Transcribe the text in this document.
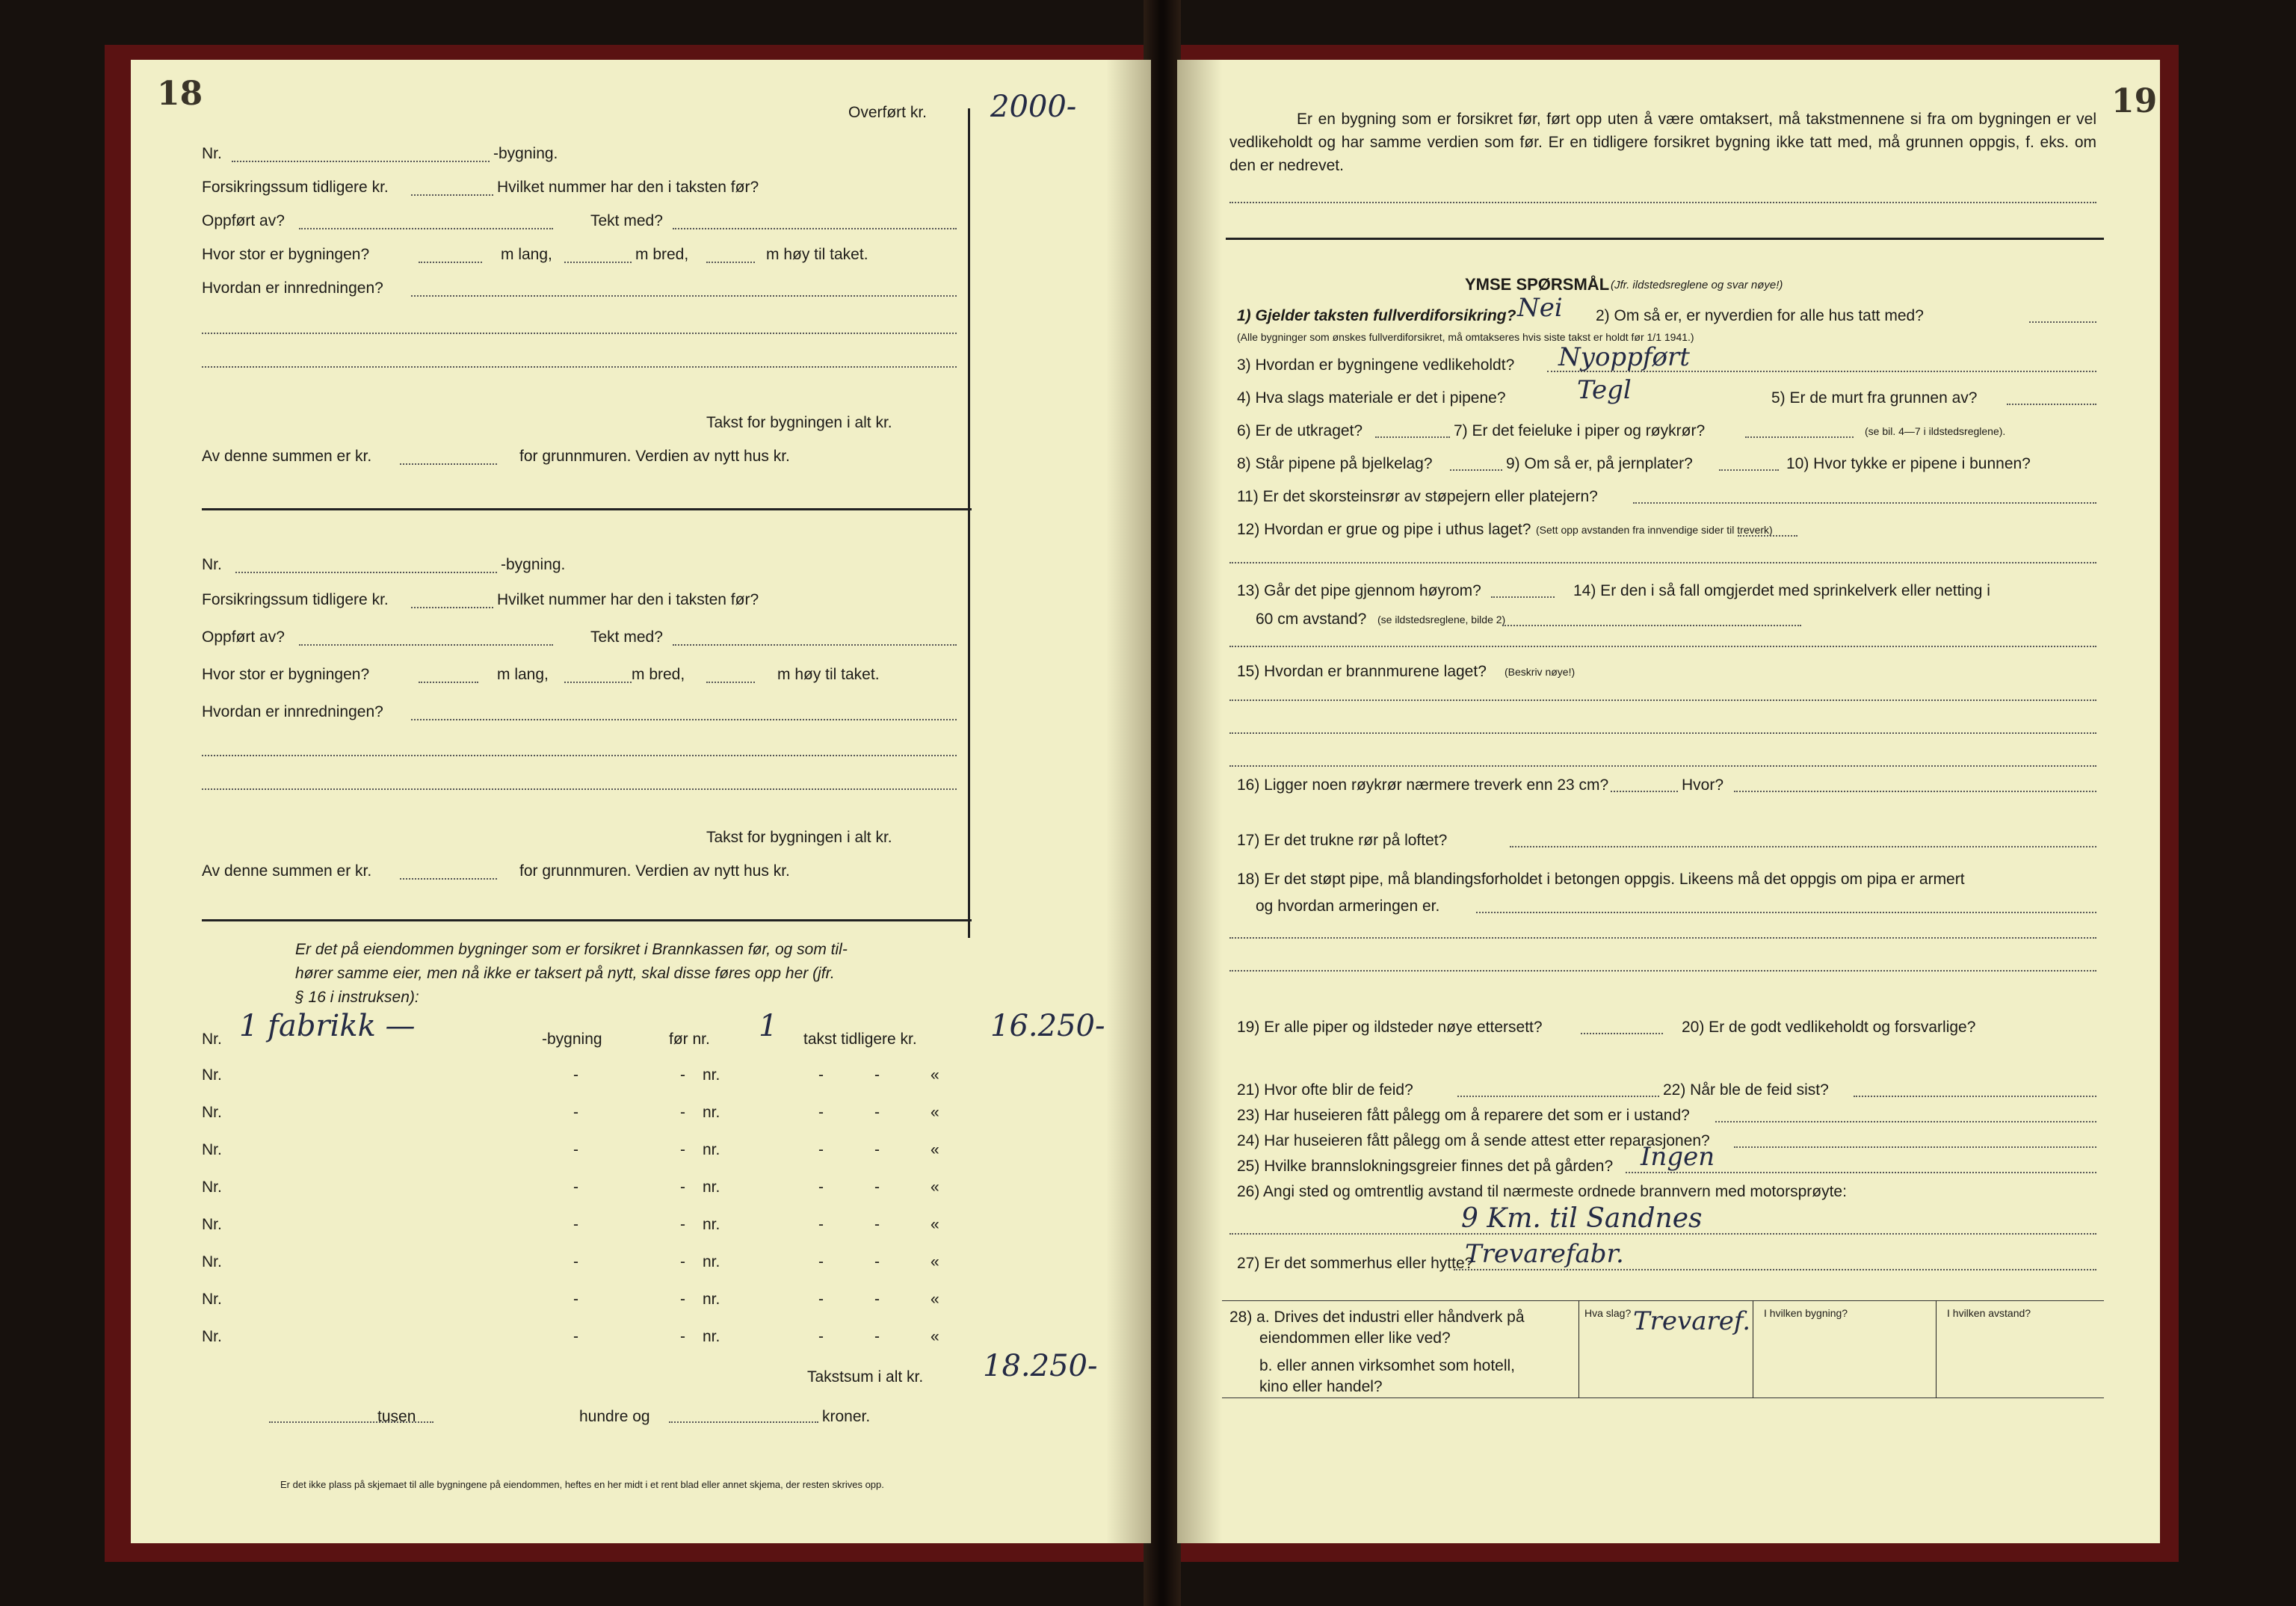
18	Overført kr. 2000-
Nr.	-bygning.
Forsikringssum tidligere kr.	Hvilket nummer har den i taksten før?
Oppført av?	Tekt med?
Hvor stor er bygningen?	m lang,	m bred,	m høy til taket.
Hvordan er innredningen?
Takst for bygningen i alt kr.
Av denne summen er kr.	for grunnmuren. Verdien av nytt hus kr.
Nr.	-bygning.
Forsikringssum tidligere kr.	Hvilket nummer har den i taksten før?
Oppført av?	Tekt med?
Hvor stor er bygningen?	m lang,	m bred,	m høy til taket.
Hvordan er innredningen?
Takst for bygningen i alt kr.
Av denne summen er kr.	for grunnmuren. Verdien av nytt hus kr.
Er det på eiendommen bygninger som er forsikret i Brannkassen før, og som til-
hører samme eier, men nå ikke er taksert på nytt, skal disse føres opp her (jfr.
§ 16 i instruksen):
Nr. 1 fabrikk —	-bygning	før nr. 1 takst tidligere kr. 16.250-
Nr.	-	- nr.	-	-	«
Nr.	-	- nr.	-	-	«
Nr.	-	- nr.	-	-	«
Nr.	-	- nr.	-	-	«
Nr.	-	- nr.	-	-	«
Nr.	-	- nr.	-	-	«
Nr.	-	- nr.	-	-	«
Nr.	-	- nr.	-	-	«
Takstsum i alt kr. 18.250-
tusen	hundre og	kroner.
Er det ikke plass på skjemaet til alle bygningene på eiendommen, heftes en her midt i et rent blad eller annet skjema, der resten skrives opp.
19
Er en bygning som er forsikret før, ført opp uten å være omtaksert, må takstmennene si fra om bygningen er vel vedlikeholdt og har samme verdien som før. Er en tidligere forsikret bygning ikke tatt med, må grunnen oppgis, f. eks. om den er nedrevet.
YMSE SPØRSMÅL (Jfr. ildstedsreglene og svar nøye!)
1) Gjelder taksten fullverdiforsikring? Nei 2) Om så er, er nyverdien for alle hus tatt med?
(Alle bygninger som ønskes fullverdiforsikret, må omtakseres hvis siste takst er holdt før 1/1 1941.)
3) Hvordan er bygningene vedlikeholdt? Nyoppført
4) Hva slags materiale er det i pipene?	Tegl	5) Er de murt fra grunnen av?
6) Er de utkraget?	7) Er det feieluke i piper og røykrør?	(se bil. 4—7 i ildstedsreglene).
8) Står pipene på bjelkelag?	9) Om så er, på jernplater?	10) Hvor tykke er pipene i bunnen?
11) Er det skorsteinsrør av støpejern eller platejern?
12) Hvordan er grue og pipe i uthus laget? (Sett opp avstanden fra innvendige sider til treverk)
13) Går det pipe gjennom høyrom?	14) Er den i så fall omgjerdet med sprinkelverk eller netting i
60 cm avstand? (se ildstedsreglene, bilde 2)
15) Hvordan er brannmurene laget? (Beskriv nøye!)
16) Ligger noen røykrør nærmere treverk enn 23 cm?	Hvor?
17) Er det trukne rør på loftet?
18) Er det støpt pipe, må blandingsforholdet i betongen oppgis. Likeens må det oppgis om pipa er armert
og hvordan armeringen er.
19) Er alle piper og ildsteder nøye ettersett?	20) Er de godt vedlikeholdt og forsvarlige?
21) Hvor ofte blir de feid?	22) Når ble de feid sist?
23) Har huseieren fått pålegg om å reparere det som er i ustand?
24) Har huseieren fått pålegg om å sende attest etter reparasjonen?
25) Hvilke brannslokningsgreier finnes det på gården? Ingen
26) Angi sted og omtrentlig avstand til nærmeste ordnede brannvern med motorsprøyte:
9 Km. til Sandnes
27) Er det sommerhus eller hytte?
Trevarefabr.
28) a. Drives det industri eller håndverk på
eiendommen eller like ved?
b. eller annen virksomhet som hotell,
kino eller handel?
Hva slag?	I hvilken bygning?	I hvilken avstand?
Trevaref.
